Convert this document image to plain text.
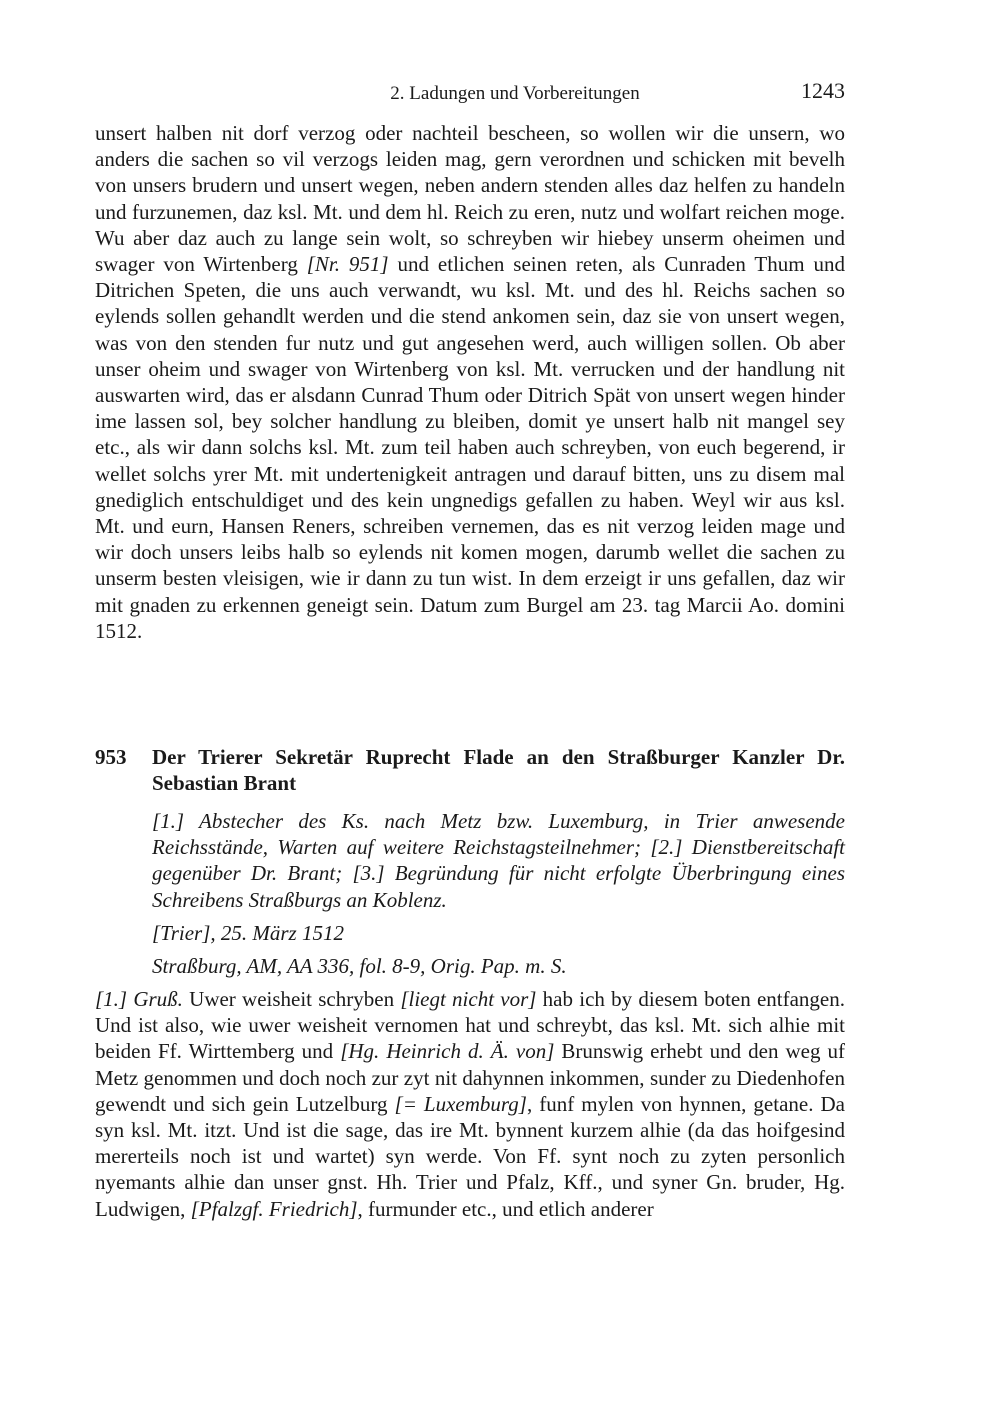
2. Ladungen und Vorbereitungen	1243

unsert halben nit dorf verzog oder nachteil bescheen, so wollen wir die unsern, wo anders die sachen so vil verzogs leiden mag, gern verordnen und schicken mit bevelh von unsers brudern und unsert wegen, neben andern stenden alles daz helfen zu handeln und furzunemen, daz ksl. Mt. und dem hl. Reich zu eren, nutz und wolfart reichen moge. Wu aber daz auch zu lange sein wolt, so schreyben wir hiebey unserm oheimen und swager von Wirtenberg [Nr. 951] und etlichen seinen reten, als Cunraden Thum und Ditrichen Speten, die uns auch verwandt, wu ksl. Mt. und des hl. Reichs sachen so eylends sollen gehandlt werden und die stend ankomen sein, daz sie von unsert wegen, was von den stenden fur nutz und gut angesehen werd, auch willigen sollen. Ob aber unser oheim und swager von Wirtenberg von ksl. Mt. verrucken und der handlung nit auswarten wird, das er alsdann Cunrad Thum oder Ditrich Spät von unsert wegen hinder ime lassen sol, bey solcher handlung zu bleiben, domit ye unsert halb nit mangel sey etc., als wir dann solchs ksl. Mt. zum teil haben auch schreyben, von euch begerend, ir wellet solchs yrer Mt. mit undertenigkeit antragen und darauf bitten, uns zu disem mal gnediglich entschuldiget und des kein ungnedigs gefallen zu haben. Weyl wir aus ksl. Mt. und eurn, Hansen Reners, schreiben vernemen, das es nit verzog leiden mage und wir doch unsers leibs halb so eylends nit komen mogen, darumb wellet die sachen zu unserm besten vleisigen, wie ir dann zu tun wist. In dem erzeigt ir uns gefallen, daz wir mit gnaden zu erkennen geneigt sein. Datum zum Burgel am 23. tag Marcii Ao. domini 1512.

953 Der Trierer Sekretär Ruprecht Flade an den Straßburger Kanzler Dr. Sebastian Brant

[1.] Abstecher des Ks. nach Metz bzw. Luxemburg, in Trier anwesende Reichsstände, Warten auf weitere Reichstagsteilnehmer; [2.] Dienstbereitschaft gegenüber Dr. Brant; [3.] Begründung für nicht erfolgte Überbringung eines Schreibens Straßburgs an Koblenz.

[Trier], 25. März 1512
Straßburg, AM, AA 336, fol. 8-9, Orig. Pap. m. S.
[1.] Gruß. Uwer weisheit schryben [liegt nicht vor] hab ich by diesem boten entfangen. Und ist also, wie uwer weisheit vernomen hat und schreybt, das ksl. Mt. sich alhie mit beiden Ff. Wirttemberg und [Hg. Heinrich d. Ä. von] Brunswig erhebt und den weg uf Metz genommen und doch noch zur zyt nit dahynnen inkommen, sunder zu Diedenhofen gewendt und sich gein Lutzelburg [= Luxemburg], funf mylen von hynnen, getane. Da syn ksl. Mt. itzt. Und ist die sage, das ire Mt. bynnent kurzem alhie (da das hoifgesind mererteils noch ist und wartet) syn werde. Von Ff. synt noch zu zyten personlich nyemants alhie dan unser gnst. Hh. Trier und Pfalz, Kff., und syner Gn. bruder, Hg. Ludwigen, [Pfalzgf. Friedrich], furmunder etc., und etlich anderer
